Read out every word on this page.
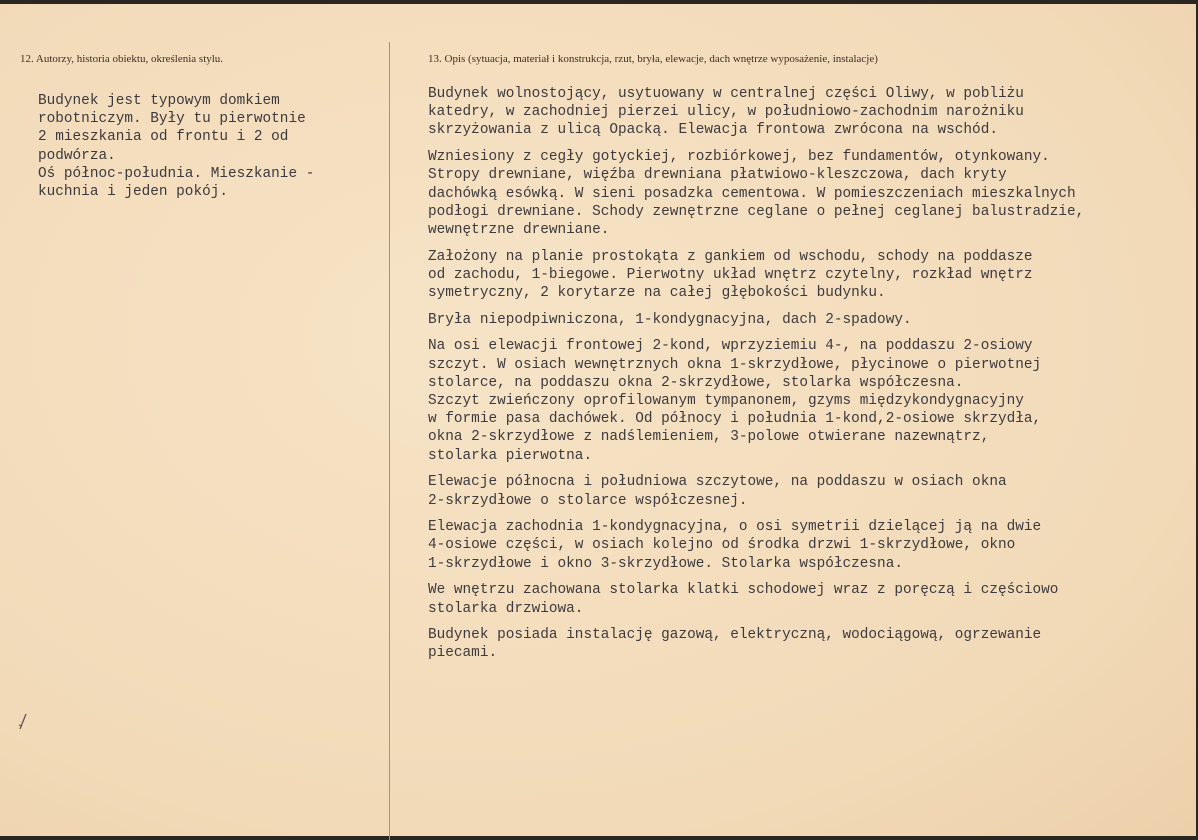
12. Autorzy, historia obiektu, określenia stylu.	13. Opis (sytuacja, materiał i konstrukcja, rzut, bryła, elewacje, dach wnętrze wyposażenie, instalacje)

Budynek jest typowym domkiem

robotniczym. Były tu pierwotnie

2 mieszkania od frontu i 2 od

podwórza.

Oś północ-południa. Mieszkanie -

kuchnia i jeden pokój.

Budynek wolnostojący, usytuowany w centralnej części Oliwy, w pobliżu
katedry, w zachodniej pierzei ulicy, w południowo-zachodnim narożniku
skrzyżowania z ulicą Opacką. Elewacja frontowa zwrócona na wschód.

Wzniesiony z cegły gotyckiej, rozbiórkowej, bez fundamentów, otynkowany.
Stropy drewniane, więźba drewniana płatwiowo-kleszczowa, dach kryty
dachówką esówką. W sieni posadzka cementowa. W pomieszczeniach mieszkalnych
podłogi drewniane. Schody zewnętrzne ceglane o pełnej ceglanej balustradzie,
wewnętrzne drewniane.

Założony na planie prostokąta z gankiem od wschodu, schody na poddasze
od zachodu, 1-biegowe. Pierwotny układ wnętrz czytelny, rozkład wnętrz
symetryczny, 2 korytarze na całej głębokości budynku.

Bryła niepodpiwniczona, 1-kondygnacyjna, dach 2-spadowy.

Na osi elewacji frontowej 2-kond, wprzyziemiu 4-, na poddaszu 2-osiowy
szczyt. W osiach wewnętrznych okna 1-skrzydłowe, płycinowe o pierwotnej
stolarce, na poddaszu okna 2-skrzydłowe, stolarka współczesna.
Szczyt zwieńczony oprofilowanym tympanonem, gzyms międzykondygnacyjny
w formie pasa dachówek. Od północy i południa 1-kond,2-osiowe skrzydła,
okna 2-skrzydłowe z nadślemieniem, 3-polowe otwierane nazewnątrz,
stolarka pierwotna.

Elewacje północna i południowa szczytowe, na poddaszu w osiach okna
2-skrzydłowe o stolarce współczesnej.

Elewacja zachodnia 1-kondygnacyjna, o osi symetrii dzielącej ją na dwie
4-osiowe części, w osiach kolejno od środka drzwi 1-skrzydłowe, okno
1-skrzydłowe i okno 3-skrzydłowe. Stolarka współczesna.

We wnętrzu zachowana stolarka klatki schodowej wraz z poręczą i częściowo
stolarka drzwiowa.

Budynek posiada instalację gazową, elektryczną, wodociągową, ogrzewanie
piecami.
